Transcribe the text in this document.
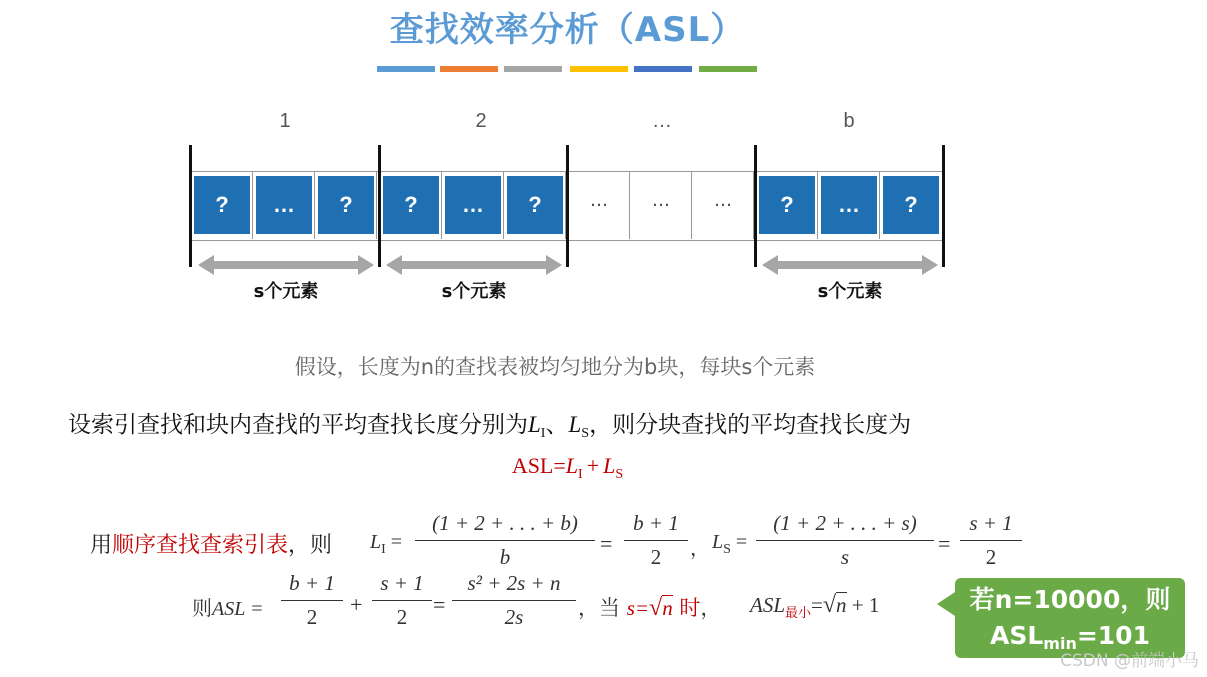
查找效率分析（ASL）
1	2	…	b
?	…	?	?	…	?	…	…	…	?	…	?
s个元素	s个元素	s个元素
假设，长度为n的查找表被均匀地分为b块，每块s个元素
设索引查找和块内查找的平均查找长度分别为$L_I$、$L_S$，则分块查找的平均查找长度为
$ASL=L_I + L_S$
用顺序查找查索引表，则 $L_I = \frac{(1 + 2 + . . . + b)}{b} = \frac{b + 1}{2}$ ， $L_S = \frac{(1 + 2 + . . . + s)}{s} = \frac{s + 1}{2}$
则ASL = $\frac{b + 1}{2} + \frac{s + 1}{2} = \frac{\text{s² + 2s + n}}{2s}$ ，当 s=√n 时， $ASL_{最小}=√n + 1$	若n=10000，则
$ASL_{min}=101$
CSDN @前端小马
